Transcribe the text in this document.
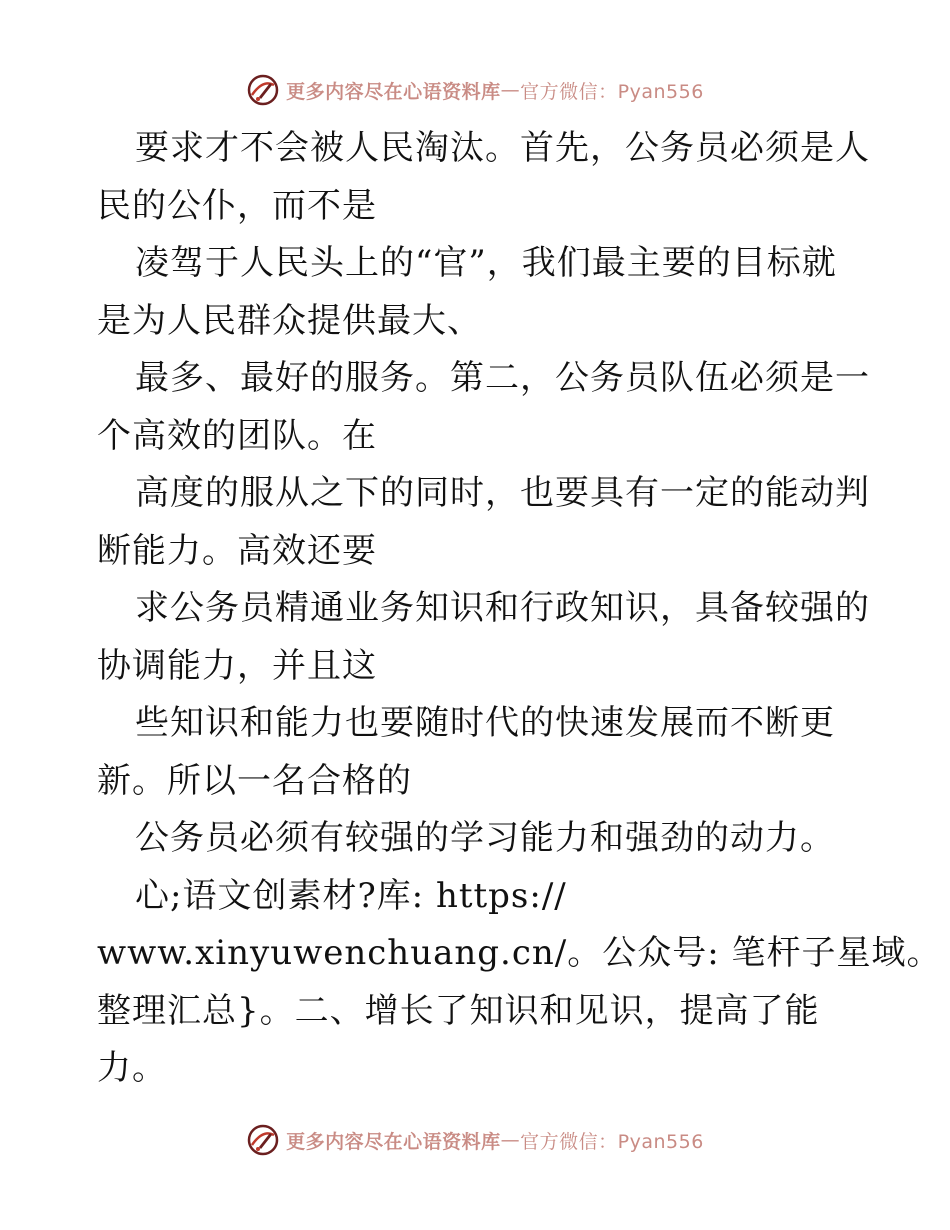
更多内容尽在心语资料库 — 官方微信：Pyan556
要求才不会被人民淘汰。首先，公务员必须是人
民的公仆，而不是
凌驾于人民头上的“官”，我们最主要的目标就
是为人民群众提供最大、
最多、最好的服务。第二，公务员队伍必须是一
个高效的团队。在
高度的服从之下的同时，也要具有一定的能动判
断能力。高效还要
求公务员精通业务知识和行政知识，具备较强的
协调能力，并且这
些知识和能力也要随时代的快速发展而不断更
新。所以一名合格的
公务员必须有较强的学习能力和强劲的动力。
心;语文创素材?库: https://
www.xinyuwenchuang.cn/。公众号: 笔杆子星域。
整理汇总}。二、增长了知识和见识，提高了能
力。
更多内容尽在心语资料库 — 官方微信：Pyan556
